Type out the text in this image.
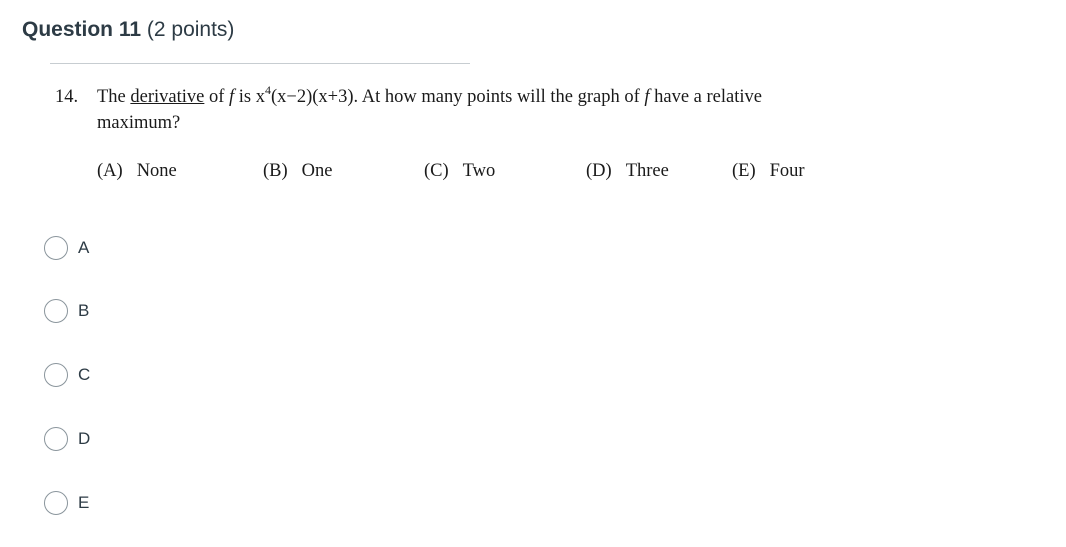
Question 11 (2 points)
14. The derivative of f is $x^4(x-2)(x+3)$. At how many points will the graph of f have a relative
maximum?
(A) None	(B) One	(C) Two	(D) Three	(E) Four
A
B
C
D
E
